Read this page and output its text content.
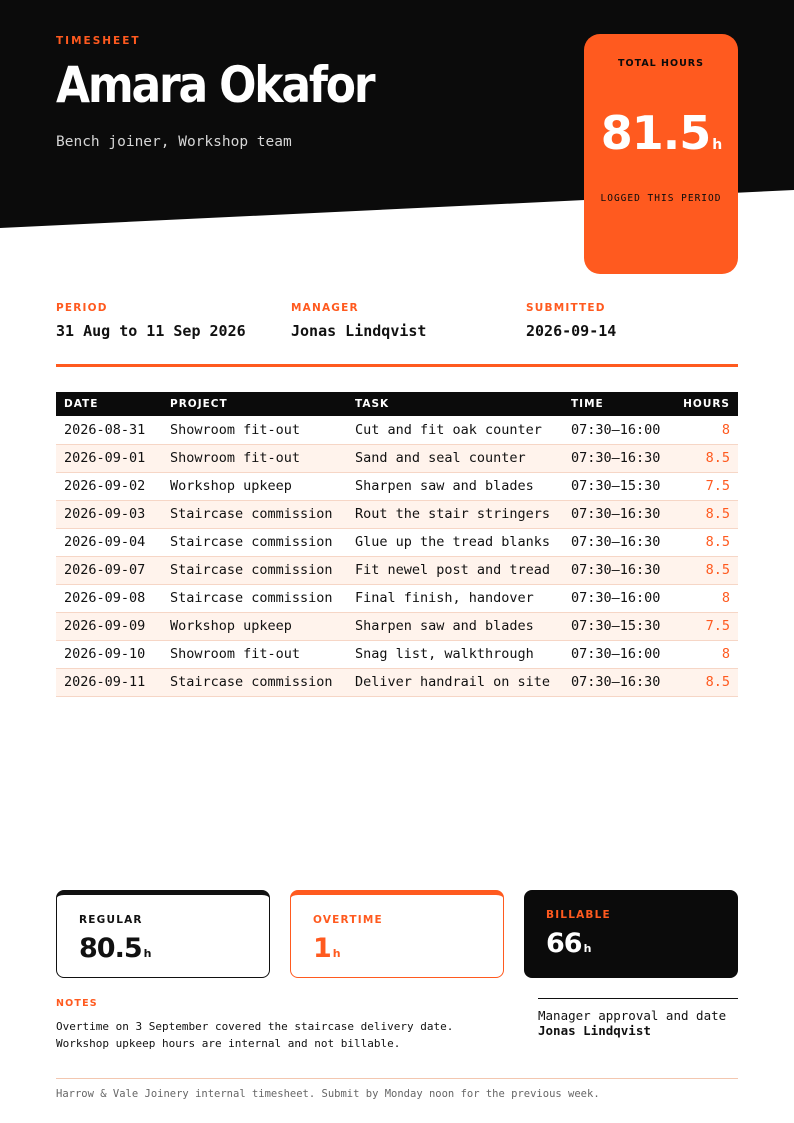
TIMESHEET
Amara Okafor
Bench joiner, Workshop team
TOTAL HOURS
81.5 h
LOGGED THIS PERIOD
PERIOD
31 Aug to 11 Sep 2026
MANAGER
Jonas Lindqvist
SUBMITTED
2026-09-14
DATE	PROJECT	TASK	TIME	HOURS
2026-08-31	Showroom fit-out	Cut and fit oak counter	07:30–16:00	8
2026-09-01	Showroom fit-out	Sand and seal counter	07:30–16:30	8.5
2026-09-02	Workshop upkeep	Sharpen saw and blades	07:30–15:30	7.5
2026-09-03	Staircase commission	Rout the stair stringers	07:30–16:30	8.5
2026-09-04	Staircase commission	Glue up the tread blanks	07:30–16:30	8.5
2026-09-07	Staircase commission	Fit newel post and tread	07:30–16:30	8.5
2026-09-08	Staircase commission	Final finish, handover	07:30–16:00	8
2026-09-09	Workshop upkeep	Sharpen saw and blades	07:30–15:30	7.5
2026-09-10	Showroom fit-out	Snag list, walkthrough	07:30–16:00	8
2026-09-11	Staircase commission	Deliver handrail on site	07:30–16:30	8.5
REGULAR
80.5 h
OVERTIME
1 h
BILLABLE
66 h
NOTES
Overtime on 3 September covered the staircase delivery date.
Workshop upkeep hours are internal and not billable.
Manager approval and date
Jonas Lindqvist
Harrow & Vale Joinery internal timesheet. Submit by Monday noon for the previous week.
